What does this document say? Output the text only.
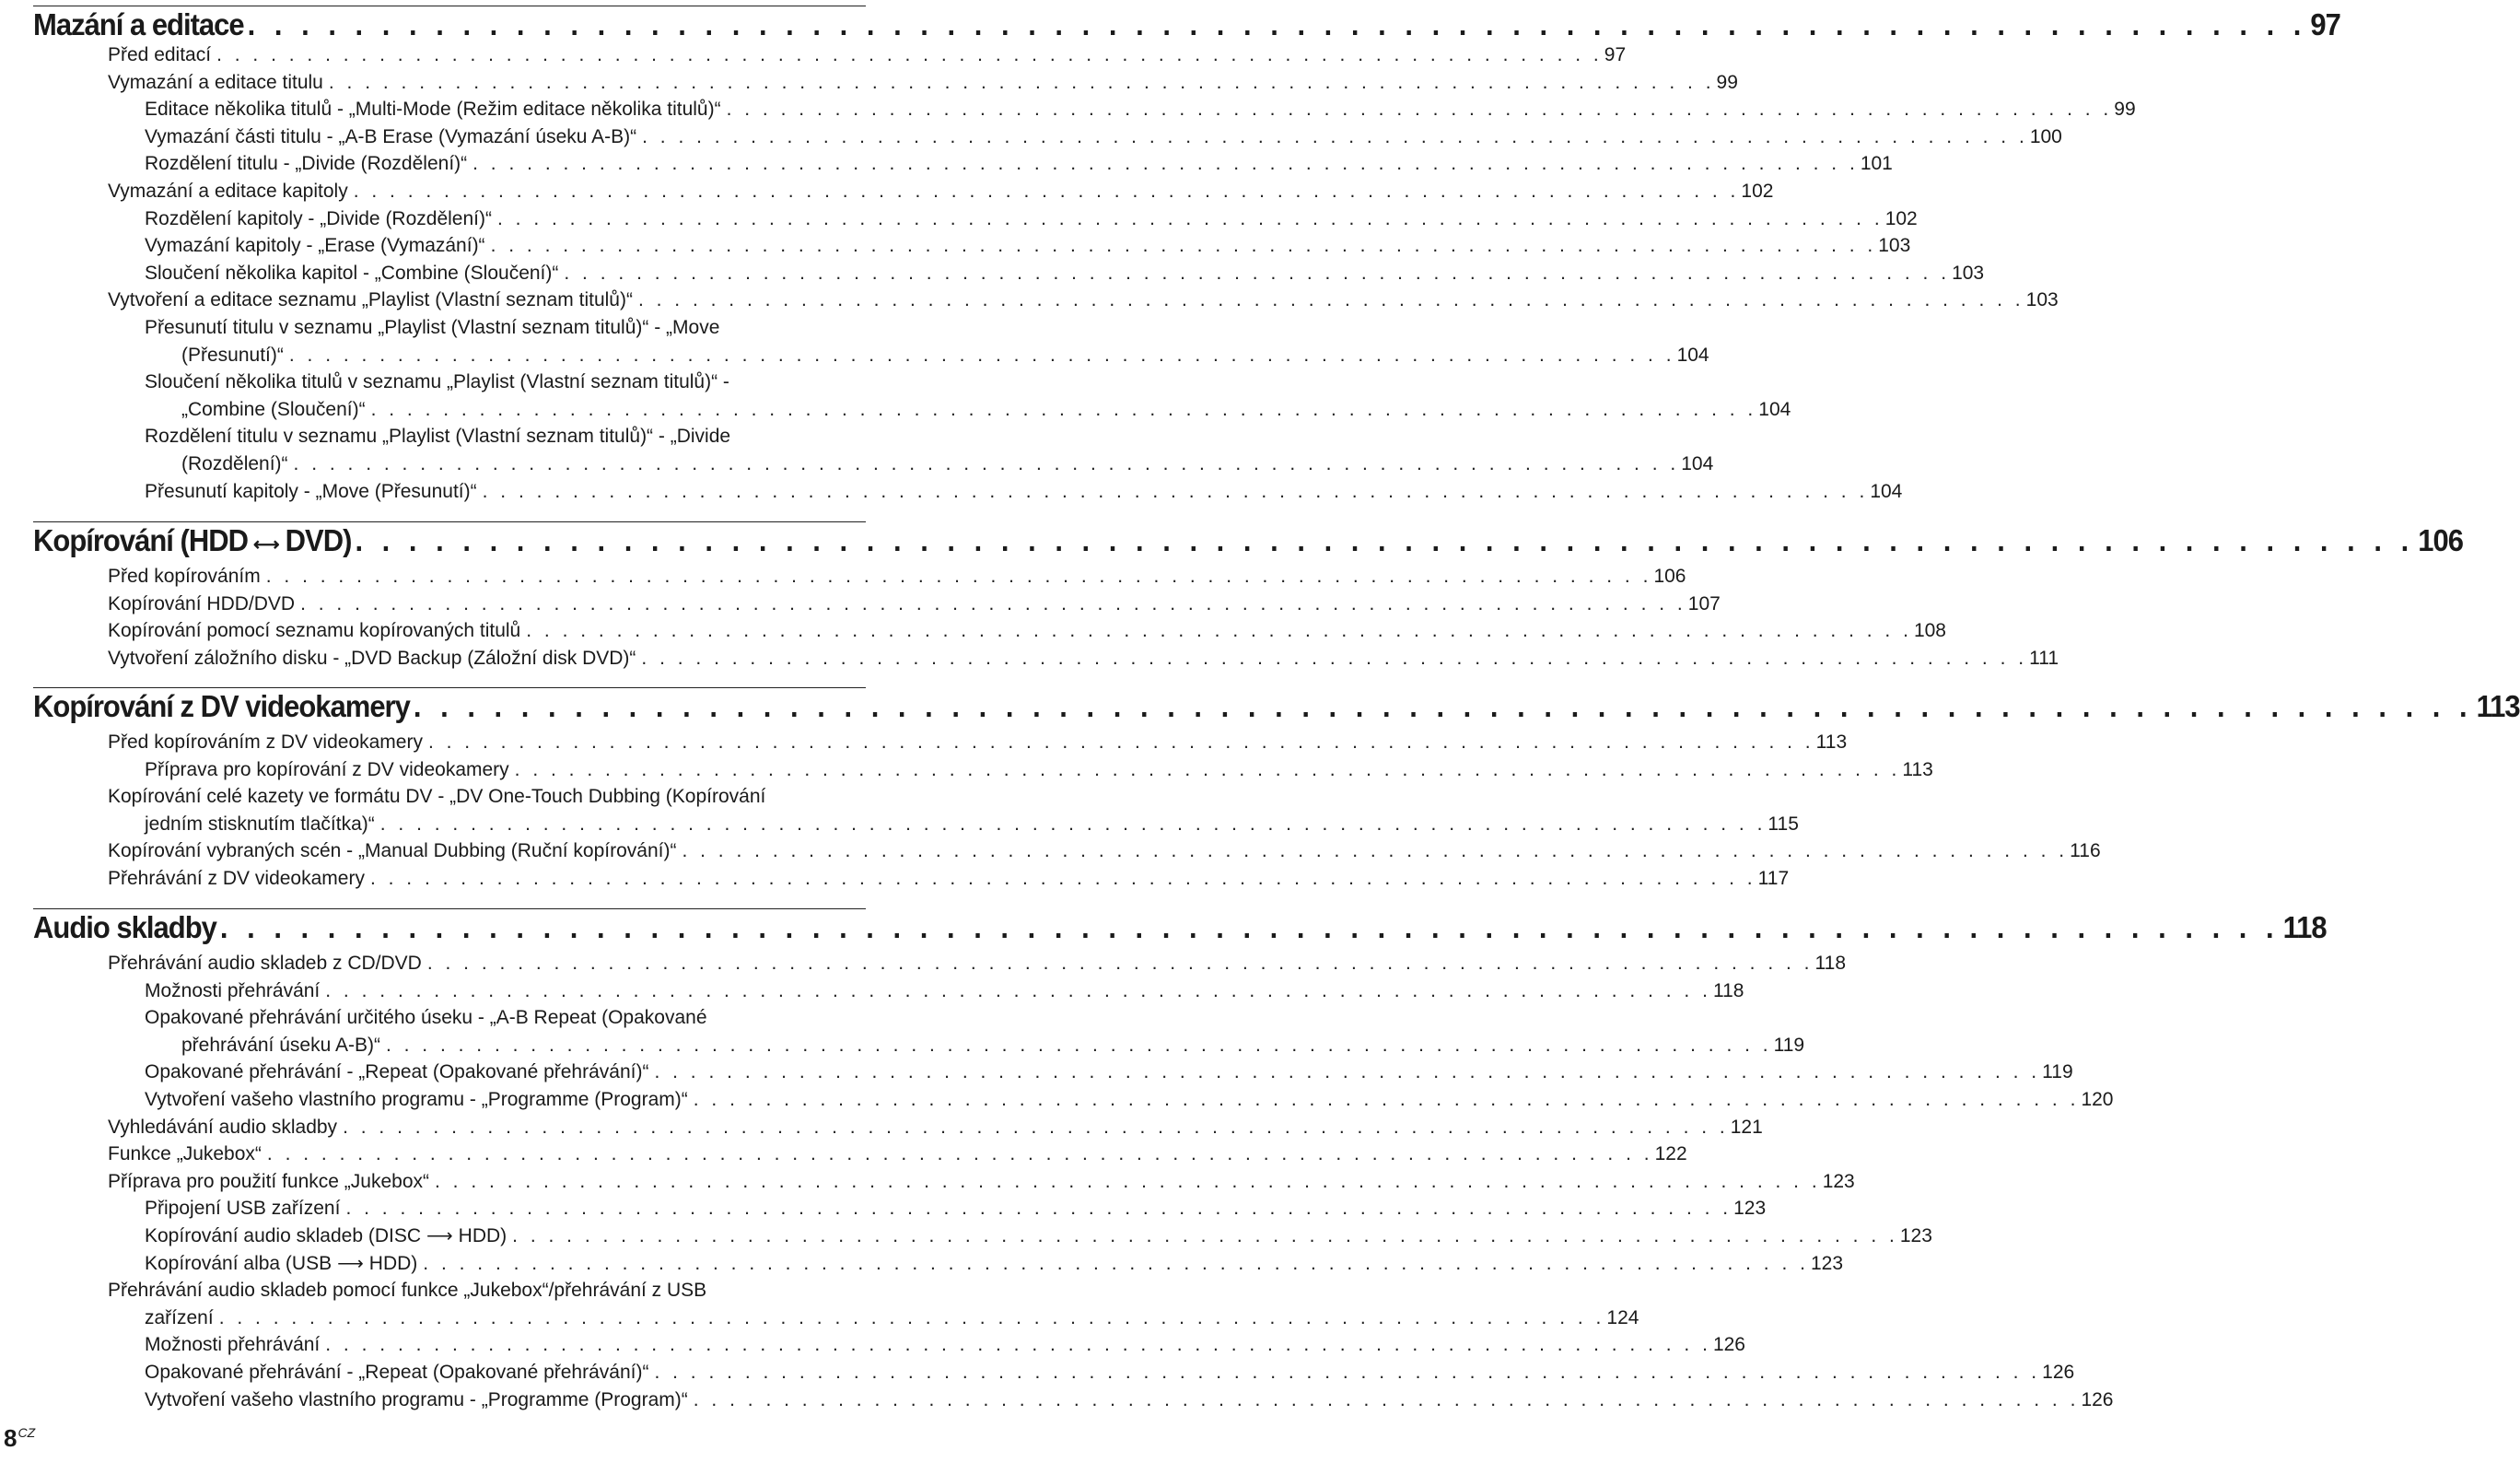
$8^{CZ}$
Mazání a editace . . . . . . . . . . . . . . . . . . . . . . . . . . . . . . . . . . . . . . . . . . . . . . . . . . . . . . . . . . . . . . . . . . . . . . . . . . . . . 97
Před editací . . . . . . . . . . . . . . . . . . . . . . . . . . . . . . . . . . . . . . . . . . . . . . . . . . . . . . . . . . . . . . . . . . . . . . . . . . . . . 97
Vymazání a editace titulu . . . . . . . . . . . . . . . . . . . . . . . . . . . . . . . . . . . . . . . . . . . . . . . . . . . . . . . . . . . . . . . . . . . . . . . . . . . . . 99
Editace několika titulů - „Multi-Mode (Režim editace několika titulů)“ . . . . . . . . . . . . . . . . . . . . . . . . . . . . . . . . . . . . . . . . . . . . . . . . . . . . . . . . . . . . . . . . . . . . . . . . . . . . . 99
Vymazání části titulu - „A-B Erase (Vymazání úseku A-B)“ . . . . . . . . . . . . . . . . . . . . . . . . . . . . . . . . . . . . . . . . . . . . . . . . . . . . . . . . . . . . . . . . . . . . . . . . . . . . . 100
Rozdělení titulu - „Divide (Rozdělení)“ . . . . . . . . . . . . . . . . . . . . . . . . . . . . . . . . . . . . . . . . . . . . . . . . . . . . . . . . . . . . . . . . . . . . . . . . . . . . . 101
Vymazání a editace kapitoly . . . . . . . . . . . . . . . . . . . . . . . . . . . . . . . . . . . . . . . . . . . . . . . . . . . . . . . . . . . . . . . . . . . . . . . . . . . . . 102
Rozdělení kapitoly - „Divide (Rozdělení)“ . . . . . . . . . . . . . . . . . . . . . . . . . . . . . . . . . . . . . . . . . . . . . . . . . . . . . . . . . . . . . . . . . . . . . . . . . . . . . 102
Vymazání kapitoly - „Erase (Vymazání)“ . . . . . . . . . . . . . . . . . . . . . . . . . . . . . . . . . . . . . . . . . . . . . . . . . . . . . . . . . . . . . . . . . . . . . . . . . . . . . 103
Sloučení několika kapitol - „Combine (Sloučení)“ . . . . . . . . . . . . . . . . . . . . . . . . . . . . . . . . . . . . . . . . . . . . . . . . . . . . . . . . . . . . . . . . . . . . . . . . . . . . . 103
Vytvoření a editace seznamu „Playlist (Vlastní seznam titulů)“ . . . . . . . . . . . . . . . . . . . . . . . . . . . . . . . . . . . . . . . . . . . . . . . . . . . . . . . . . . . . . . . . . . . . . . . . . . . . . 103
Přesunutí titulu v seznamu „Playlist (Vlastní seznam titulů)“ - „Move
(Přesunutí)“ . . . . . . . . . . . . . . . . . . . . . . . . . . . . . . . . . . . . . . . . . . . . . . . . . . . . . . . . . . . . . . . . . . . . . . . . . . . . . 104
Sloučení několika titulů v seznamu „Playlist (Vlastní seznam titulů)“ -
„Combine (Sloučení)“ . . . . . . . . . . . . . . . . . . . . . . . . . . . . . . . . . . . . . . . . . . . . . . . . . . . . . . . . . . . . . . . . . . . . . . . . . . . . . 104
Rozdělení titulu v seznamu „Playlist (Vlastní seznam titulů)“ - „Divide
(Rozdělení)“ . . . . . . . . . . . . . . . . . . . . . . . . . . . . . . . . . . . . . . . . . . . . . . . . . . . . . . . . . . . . . . . . . . . . . . . . . . . . . 104
Přesunutí kapitoly - „Move (Přesunutí)“ . . . . . . . . . . . . . . . . . . . . . . . . . . . . . . . . . . . . . . . . . . . . . . . . . . . . . . . . . . . . . . . . . . . . . . . . . . . . . 104
Kopírování (HDD ⟷ DVD) . . . . . . . . . . . . . . . . . . . . . . . . . . . . . . . . . . . . . . . . . . . . . . . . . . . . . . . . . . . . . . . . . . . . . . . . . . . . . 106
Před kopírováním . . . . . . . . . . . . . . . . . . . . . . . . . . . . . . . . . . . . . . . . . . . . . . . . . . . . . . . . . . . . . . . . . . . . . . . . . . . . . 106
Kopírování HDD/DVD . . . . . . . . . . . . . . . . . . . . . . . . . . . . . . . . . . . . . . . . . . . . . . . . . . . . . . . . . . . . . . . . . . . . . . . . . . . . . 107
Kopírování pomocí seznamu kopírovaných titulů . . . . . . . . . . . . . . . . . . . . . . . . . . . . . . . . . . . . . . . . . . . . . . . . . . . . . . . . . . . . . . . . . . . . . . . . . . . . . 108
Vytvoření záložního disku - „DVD Backup (Záložní disk DVD)“ . . . . . . . . . . . . . . . . . . . . . . . . . . . . . . . . . . . . . . . . . . . . . . . . . . . . . . . . . . . . . . . . . . . . . . . . . . . . . 111
Kopírování z DV videokamery . . . . . . . . . . . . . . . . . . . . . . . . . . . . . . . . . . . . . . . . . . . . . . . . . . . . . . . . . . . . . . . . . . . . . . . . . . . . . 113
Před kopírováním z DV videokamery . . . . . . . . . . . . . . . . . . . . . . . . . . . . . . . . . . . . . . . . . . . . . . . . . . . . . . . . . . . . . . . . . . . . . . . . . . . . . 113
Příprava pro kopírování z DV videokamery . . . . . . . . . . . . . . . . . . . . . . . . . . . . . . . . . . . . . . . . . . . . . . . . . . . . . . . . . . . . . . . . . . . . . . . . . . . . . 113
Kopírování celé kazety ve formátu DV - „DV One-Touch Dubbing (Kopírování
jedním stisknutím tlačítka)“ . . . . . . . . . . . . . . . . . . . . . . . . . . . . . . . . . . . . . . . . . . . . . . . . . . . . . . . . . . . . . . . . . . . . . . . . . . . . . 115
Kopírování vybraných scén - „Manual Dubbing (Ruční kopírování)“ . . . . . . . . . . . . . . . . . . . . . . . . . . . . . . . . . . . . . . . . . . . . . . . . . . . . . . . . . . . . . . . . . . . . . . . . . . . . . 116
Přehrávání z DV videokamery . . . . . . . . . . . . . . . . . . . . . . . . . . . . . . . . . . . . . . . . . . . . . . . . . . . . . . . . . . . . . . . . . . . . . . . . . . . . . 117
Audio skladby . . . . . . . . . . . . . . . . . . . . . . . . . . . . . . . . . . . . . . . . . . . . . . . . . . . . . . . . . . . . . . . . . . . . . . . . . . . . . 118
Přehrávání audio skladeb z CD/DVD . . . . . . . . . . . . . . . . . . . . . . . . . . . . . . . . . . . . . . . . . . . . . . . . . . . . . . . . . . . . . . . . . . . . . . . . . . . . . 118
Možnosti přehrávání . . . . . . . . . . . . . . . . . . . . . . . . . . . . . . . . . . . . . . . . . . . . . . . . . . . . . . . . . . . . . . . . . . . . . . . . . . . . . 118
Opakované přehrávání určitého úseku - „A-B Repeat (Opakované
přehrávání úseku A-B)“ . . . . . . . . . . . . . . . . . . . . . . . . . . . . . . . . . . . . . . . . . . . . . . . . . . . . . . . . . . . . . . . . . . . . . . . . . . . . . 119
Opakované přehrávání - „Repeat (Opakované přehrávání)“ . . . . . . . . . . . . . . . . . . . . . . . . . . . . . . . . . . . . . . . . . . . . . . . . . . . . . . . . . . . . . . . . . . . . . . . . . . . . . 119
Vytvoření vašeho vlastního programu - „Programme (Program)“ . . . . . . . . . . . . . . . . . . . . . . . . . . . . . . . . . . . . . . . . . . . . . . . . . . . . . . . . . . . . . . . . . . . . . . . . . . . . . 120
Vyhledávání audio skladby . . . . . . . . . . . . . . . . . . . . . . . . . . . . . . . . . . . . . . . . . . . . . . . . . . . . . . . . . . . . . . . . . . . . . . . . . . . . . 121
Funkce „Jukebox“ . . . . . . . . . . . . . . . . . . . . . . . . . . . . . . . . . . . . . . . . . . . . . . . . . . . . . . . . . . . . . . . . . . . . . . . . . . . . . 122
Příprava pro použití funkce „Jukebox“ . . . . . . . . . . . . . . . . . . . . . . . . . . . . . . . . . . . . . . . . . . . . . . . . . . . . . . . . . . . . . . . . . . . . . . . . . . . . . 123
Připojení USB zařízení . . . . . . . . . . . . . . . . . . . . . . . . . . . . . . . . . . . . . . . . . . . . . . . . . . . . . . . . . . . . . . . . . . . . . . . . . . . . . 123
Kopírování audio skladeb (DISC ⟶ HDD) . . . . . . . . . . . . . . . . . . . . . . . . . . . . . . . . . . . . . . . . . . . . . . . . . . . . . . . . . . . . . . . . . . . . . . . . . . . . . 123
Kopírování alba (USB ⟶ HDD) . . . . . . . . . . . . . . . . . . . . . . . . . . . . . . . . . . . . . . . . . . . . . . . . . . . . . . . . . . . . . . . . . . . . . . . . . . . . . 123
Přehrávání audio skladeb pomocí funkce „Jukebox“/přehrávání z USB
zařízení . . . . . . . . . . . . . . . . . . . . . . . . . . . . . . . . . . . . . . . . . . . . . . . . . . . . . . . . . . . . . . . . . . . . . . . . . . . . . 124
Možnosti přehrávání . . . . . . . . . . . . . . . . . . . . . . . . . . . . . . . . . . . . . . . . . . . . . . . . . . . . . . . . . . . . . . . . . . . . . . . . . . . . . 126
Opakované přehrávání - „Repeat (Opakované přehrávání)“ . . . . . . . . . . . . . . . . . . . . . . . . . . . . . . . . . . . . . . . . . . . . . . . . . . . . . . . . . . . . . . . . . . . . . . . . . . . . . 126
Vytvoření vašeho vlastního programu - „Programme (Program)“ . . . . . . . . . . . . . . . . . . . . . . . . . . . . . . . . . . . . . . . . . . . . . . . . . . . . . . . . . . . . . . . . . . . . . . . . . . . . . 126
